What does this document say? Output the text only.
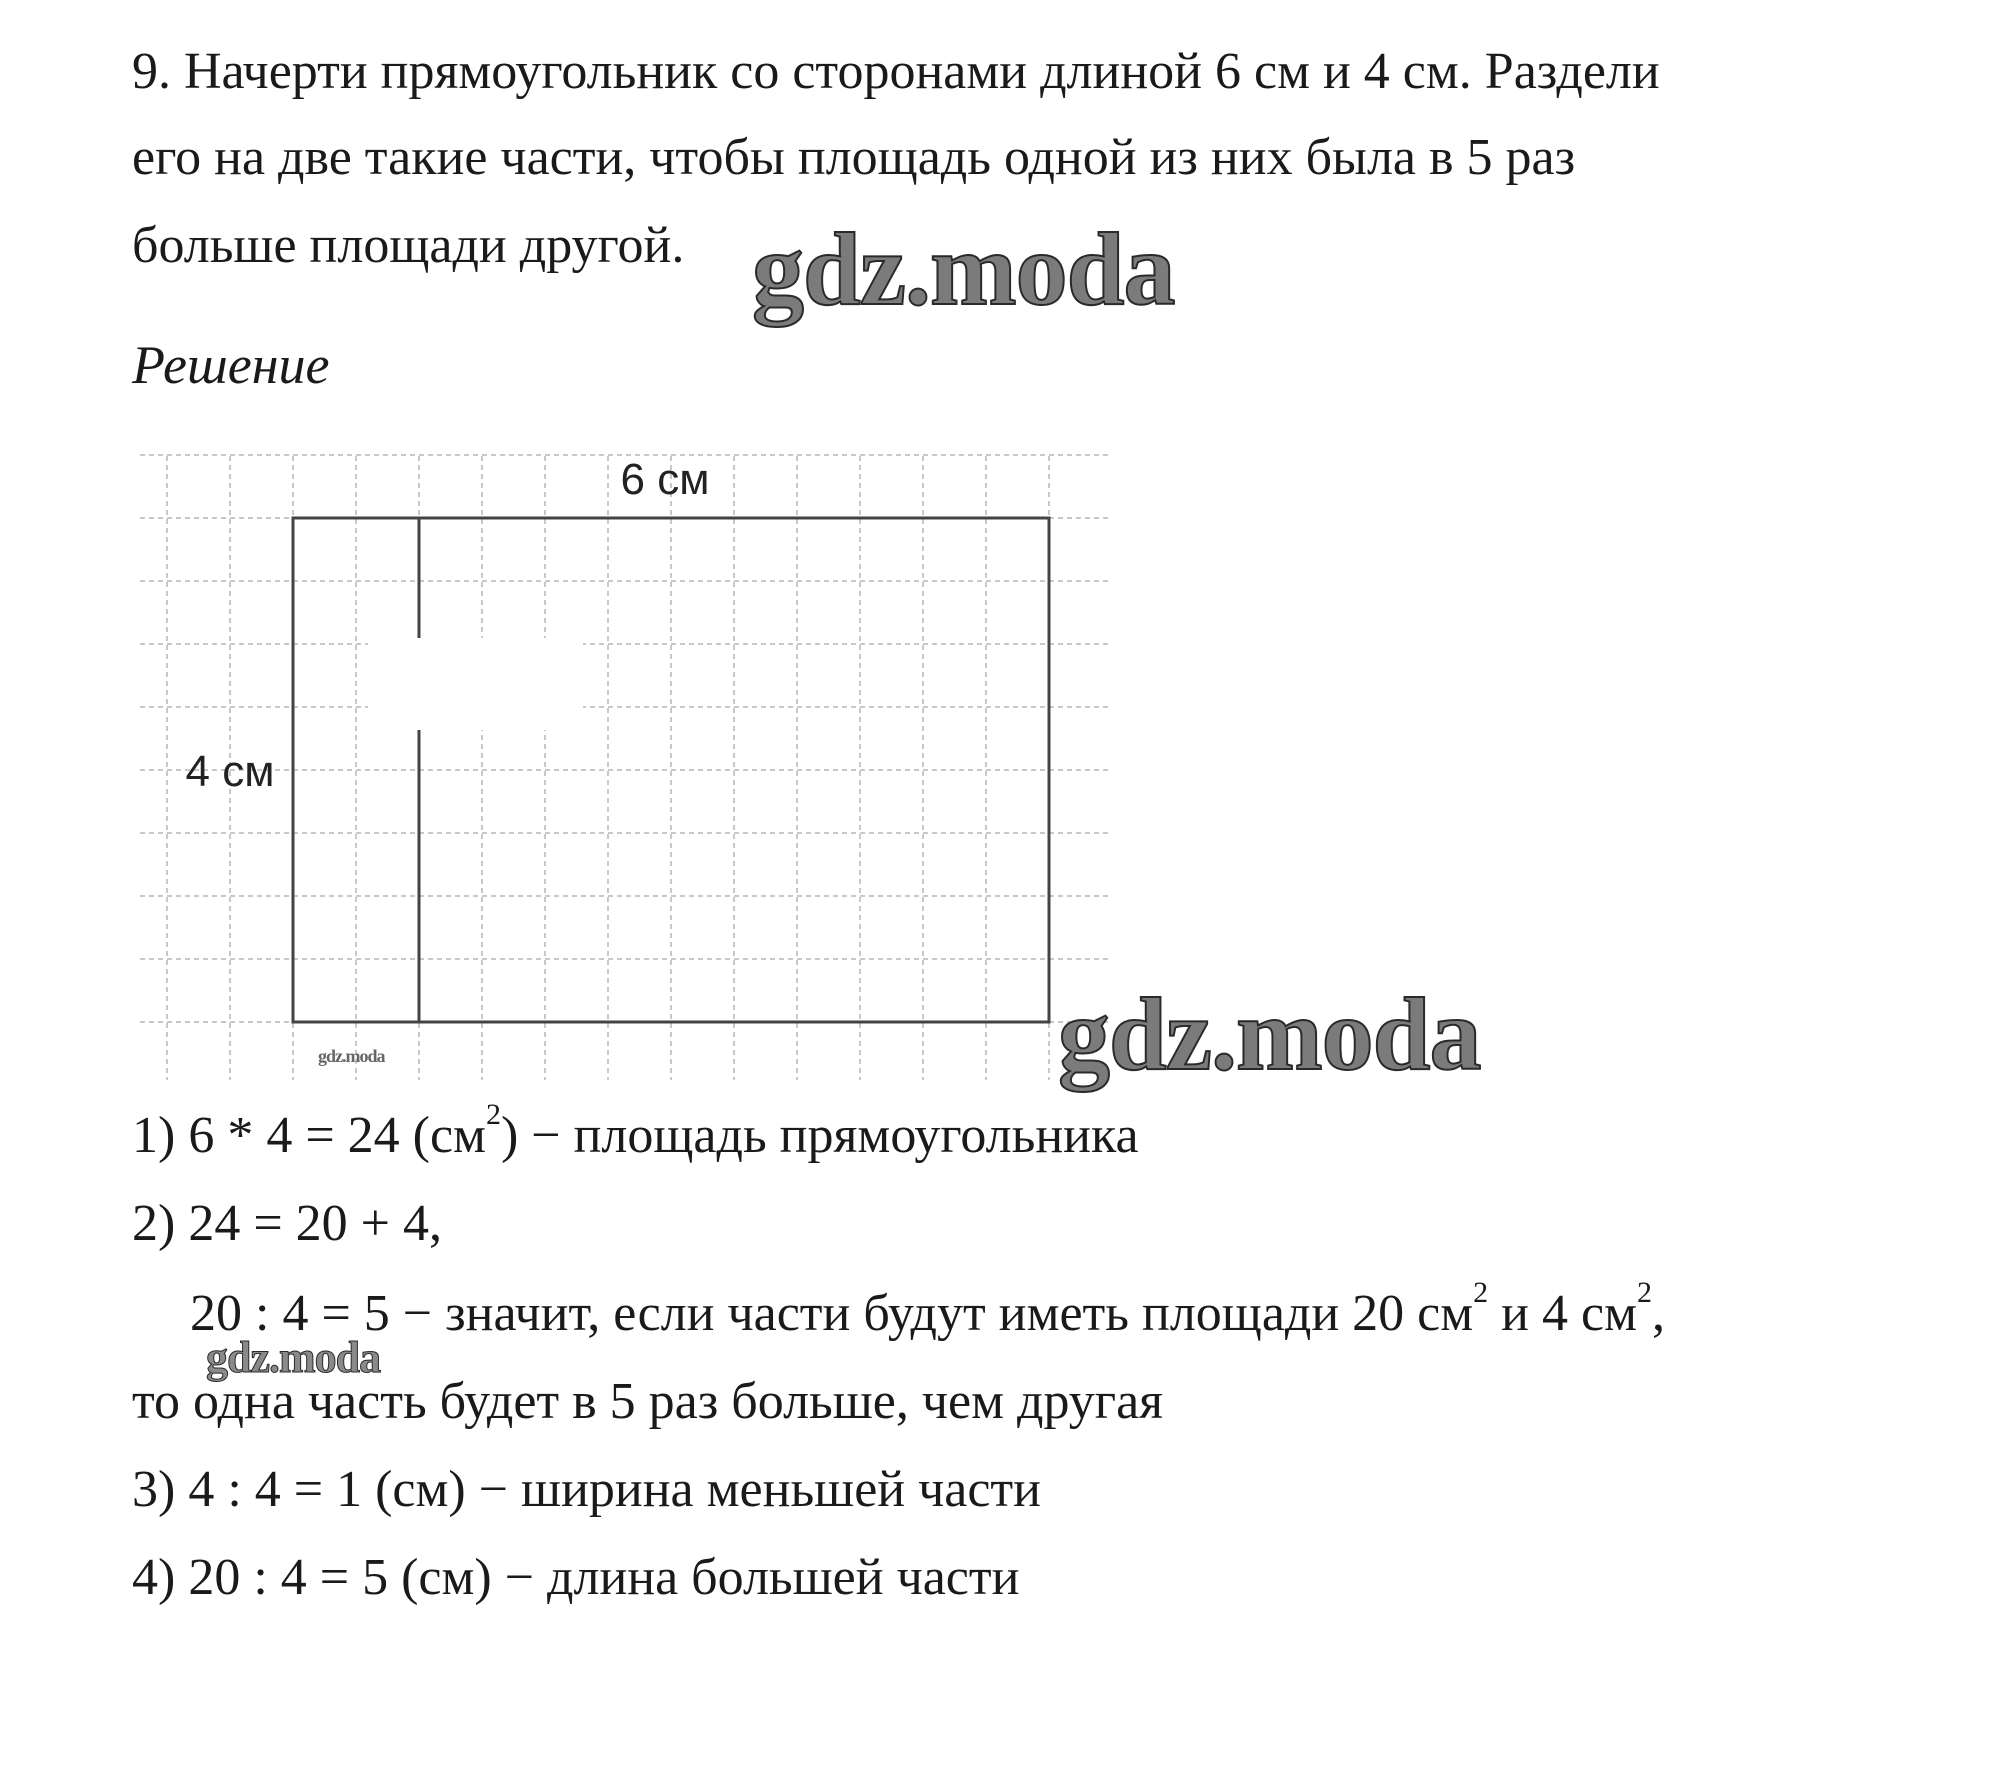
9. Начерти прямоугольник со сторонами длиной 6 см и 4 см. Раздели
его на две такие части, чтобы площадь одной из них была в 5 раз
больше площади другой.
Решение
6 см
4 см
1) 6 * 4 = 24 $(см^2)$ − площадь прямоугольника
2) 24 = 20 + 4,
20 : 4 = 5 − значит, если части будут иметь площади 20 $см^2$ и 4 $см^2$,
то одна часть будет в 5 раз больше, чем другая
3) 4 : 4 = 1 (см) − ширина меньшей части
4) 20 : 4 = 5 (см) − длина большей части
gdz.moda
gdz.moda
gdz.moda
gdz.moda
